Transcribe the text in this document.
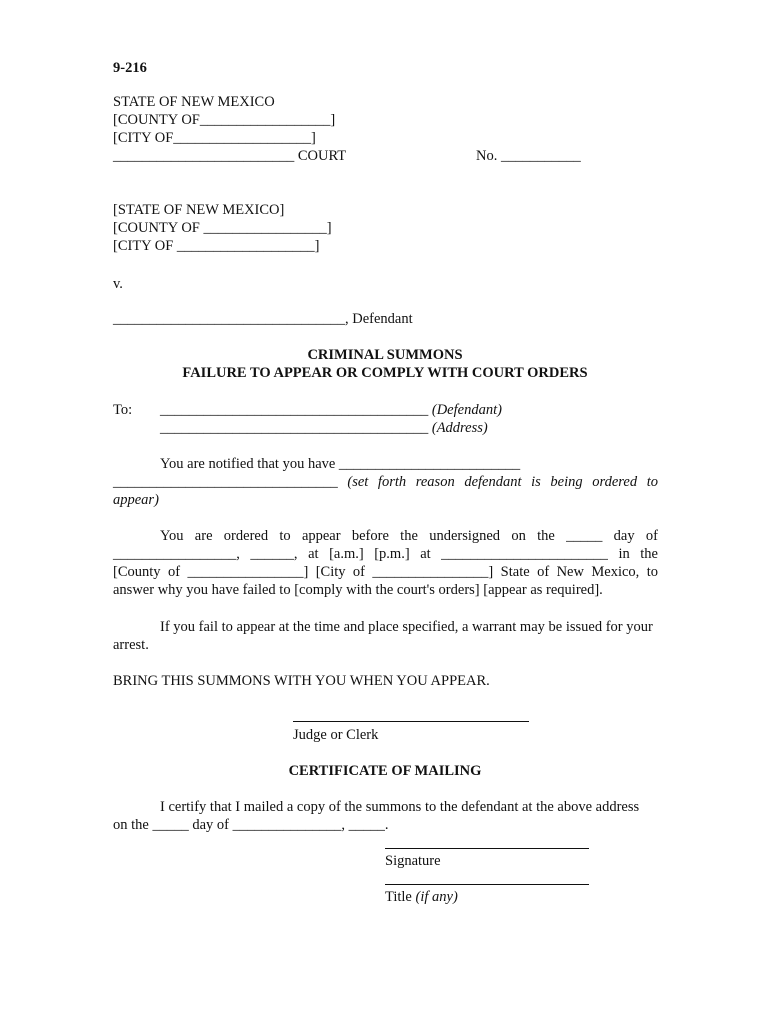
9-216
STATE OF NEW MEXICO
[COUNTY OF__________________]
[CITY OF___________________]
_________________________ COURT	No. ___________
[STATE OF NEW MEXICO]
[COUNTY OF _________________]
[CITY OF ___________________]
v.
________________________________, Defendant
CRIMINAL SUMMONS
FAILURE TO APPEAR OR COMPLY WITH COURT ORDERS
To: _____________________________________ (Defendant)
_____________________________________ (Address)
You are notified that you have _________________________
_______________________________ (set forth reason defendant is being ordered to
appear)
You are ordered to appear before the undersigned on the _____ day of
_________________, ______, at [a.m.] [p.m.] at _______________________ in the
[County of ________________] [City of ________________] State of New Mexico, to
answer why you have failed to [comply with the court's orders] [appear as required].
If you fail to appear at the time and place specified, a warrant may be issued for your
arrest.
BRING THIS SUMMONS WITH YOU WHEN YOU APPEAR.
Judge or Clerk
CERTIFICATE OF MAILING
I certify that I mailed a copy of the summons to the defendant at the above address
on the _____ day of _______________, _____.
Signature
Title (if any)
